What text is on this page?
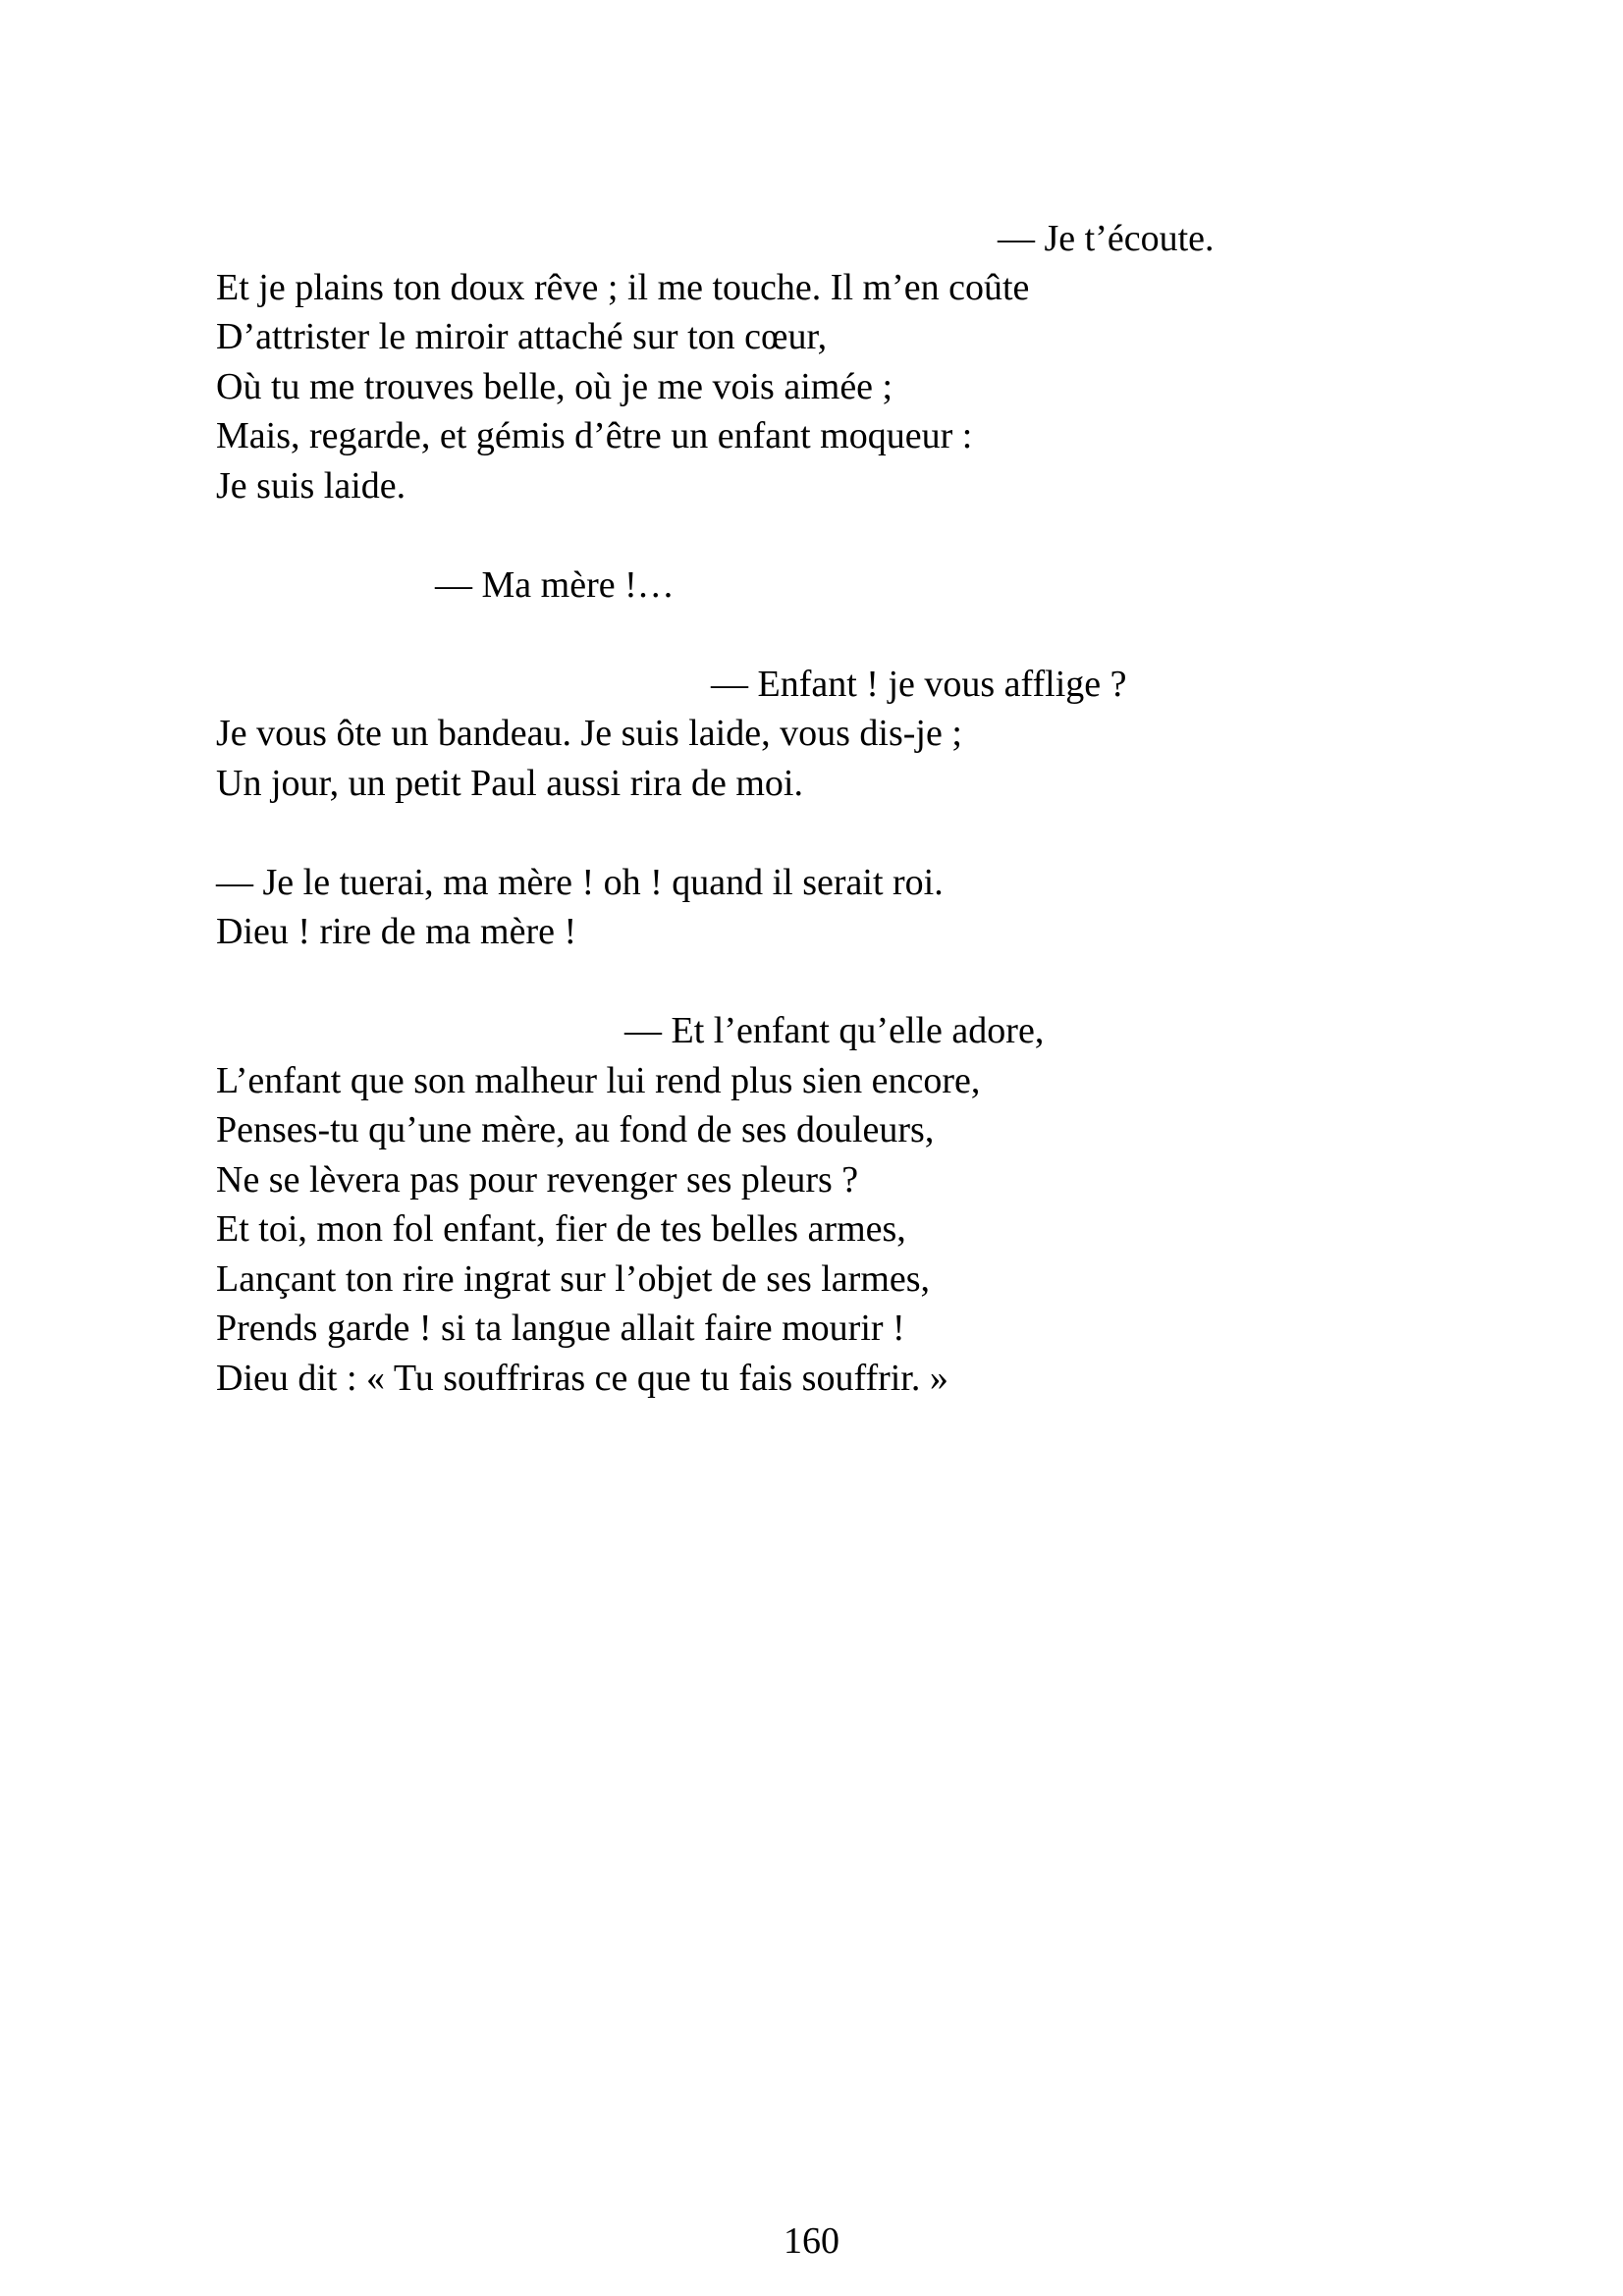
— Je t’écoute.
Et je plains ton doux rêve ; il me touche. Il m’en coûte
D’attrister le miroir attaché sur ton cœur,
Où tu me trouves belle, où je me vois aimée ;
Mais, regarde, et gémis d’être un enfant moqueur :
Je suis laide.
— Ma mère !…
— Enfant ! je vous afflige ?
Je vous ôte un bandeau. Je suis laide, vous dis-je ;
Un jour, un petit Paul aussi rira de moi.
— Je le tuerai, ma mère ! oh ! quand il serait roi.
Dieu ! rire de ma mère !
— Et l’enfant qu’elle adore,
L’enfant que son malheur lui rend plus sien encore,
Penses-tu qu’une mère, au fond de ses douleurs,
Ne se lèvera pas pour revenger ses pleurs ?
Et toi, mon fol enfant, fier de tes belles armes,
Lançant ton rire ingrat sur l’objet de ses larmes,
Prends garde ! si ta langue allait faire mourir !
Dieu dit : « Tu souffriras ce que tu fais souffrir. »
160
